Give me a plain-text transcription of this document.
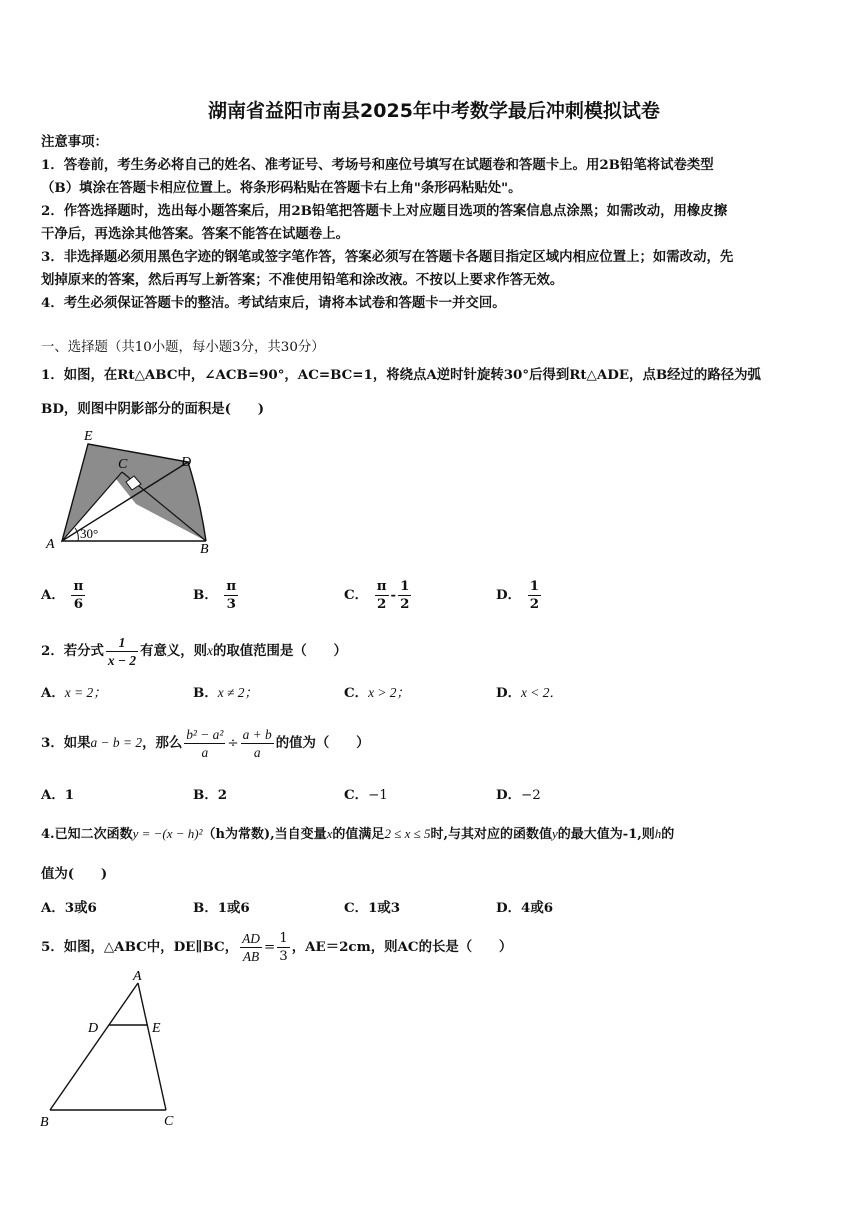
湖南省益阳市南县2025年中考数学最后冲刺模拟试卷
注意事项：
1．答卷前，考生务必将自己的姓名、准考证号、考场号和座位号填写在试题卷和答题卡上。用2B铅笔将试卷类型
（B）填涂在答题卡相应位置上。将条形码粘贴在答题卡右上角"条形码粘贴处"。
2．作答选择题时，选出每小题答案后，用2B铅笔把答题卡上对应题目选项的答案信息点涂黑；如需改动，用橡皮擦
干净后，再选涂其他答案。答案不能答在试题卷上。
3．非选择题必须用黑色字迹的钢笔或签字笔作答，答案必须写在答题卡各题目指定区域内相应位置上；如需改动，先
划掉原来的答案，然后再写上新答案；不准使用铅笔和涂改液。不按以上要求作答无效。
4．考生必须保证答题卡的整洁。考试结束后，请将本试卷和答题卡一并交回。
一、选择题（共10小题，每小题3分，共30分）
1．如图，在Rt△ABC中，∠ACB=90°，AC=BC=1，将绕点A逆时针旋转30°后得到Rt△ADE，点B经过的路径为弧
BD，则图中阴影部分的面积是(　　)
E
C	D
A	B
30°
A． $\frac{\pi}{6}$	B． $\frac{\pi}{3}$	C． $\frac{\pi}{2} - \frac{1}{2}$	D． $\frac{1}{2}$
2．若分式 $\frac{1}{x - 2}$ 有意义，则x的取值范围是（　　）
A．x = 2；	B．x ≠ 2；	C．x > 2；	D．x < 2．
3．如果a − b = 2，那么 $\frac{\text{b² − a²}}{a} \div \frac{a + b}{a}$ 的值为（　　）
A．1	B．2	C．−1	D．−2
4.已知二次函数y = −(x − h)²（h为常数),当自变量x的值满足2 ≤ x ≤ 5时,与其对应的函数值y的最大值为-1,则h的
值为(　　)
A．3或6	B．1或6	C．1或3	D．4或6
5．如图，△ABC中，DE∥BC， $\frac{AD}{AB} = \frac{1}{3}$ ，AE＝2cm，则AC的长是（　　）
A
D	E
B	C
